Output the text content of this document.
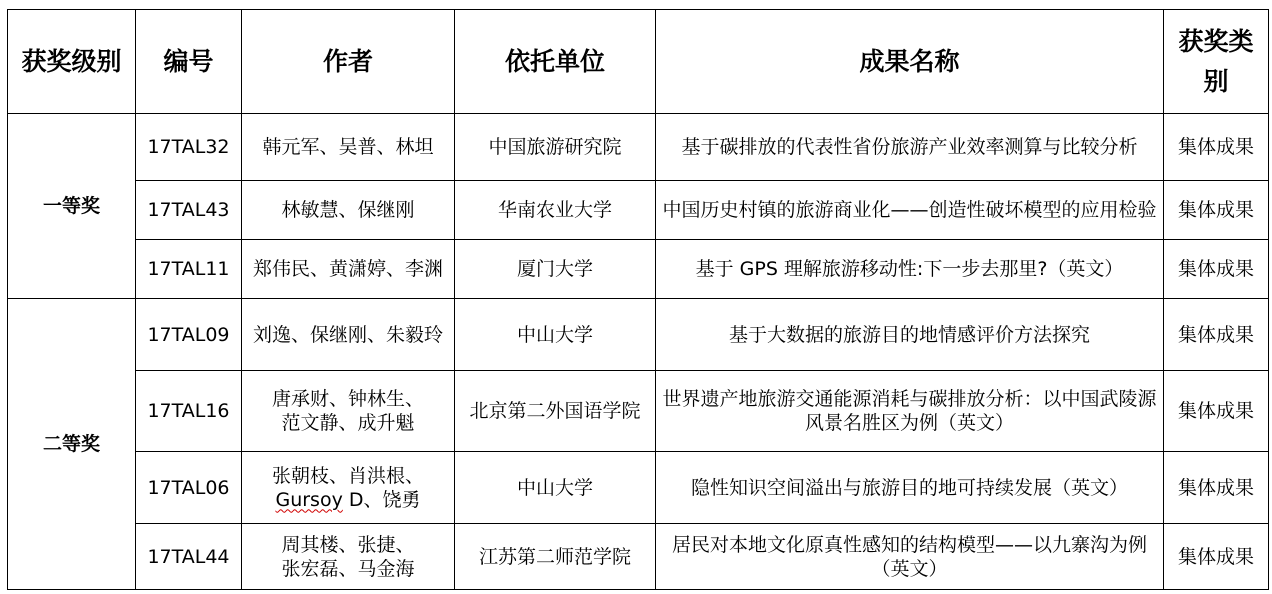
获奖级别	编号	作者	依托单位	成果名称	获奖类别
一等奖	17TAL32	韩元军、吴普、林坦	中国旅游研究院	基于碳排放的代表性省份旅游产业效率测算与比较分析	集体成果
	17TAL43	林敏慧、保继刚	华南农业大学	中国历史村镇的旅游商业化——创造性破坏模型的应用检验	集体成果
	17TAL11	郑伟民、黄潇婷、李渊	厦门大学	基于 GPS 理解旅游移动性:下一步去那里?（英文）	集体成果
二等奖	17TAL09	刘逸、保继刚、朱毅玲	中山大学	基于大数据的旅游目的地情感评价方法探究	集体成果
	17TAL16	唐承财、钟林生、
范文静、成升魁	北京第二外国语学院	世界遗产地旅游交通能源消耗与碳排放分析：以中国武陵源风景名胜区为例（英文）	集体成果
	17TAL06	张朝枝、肖洪根、
Gursoy D、饶勇	中山大学	隐性知识空间溢出与旅游目的地可持续发展（英文）	集体成果
	17TAL44	周其楼、张捷、
张宏磊、马金海	江苏第二师范学院	居民对本地文化原真性感知的结构模型——以九寨沟为例（英文）	集体成果
